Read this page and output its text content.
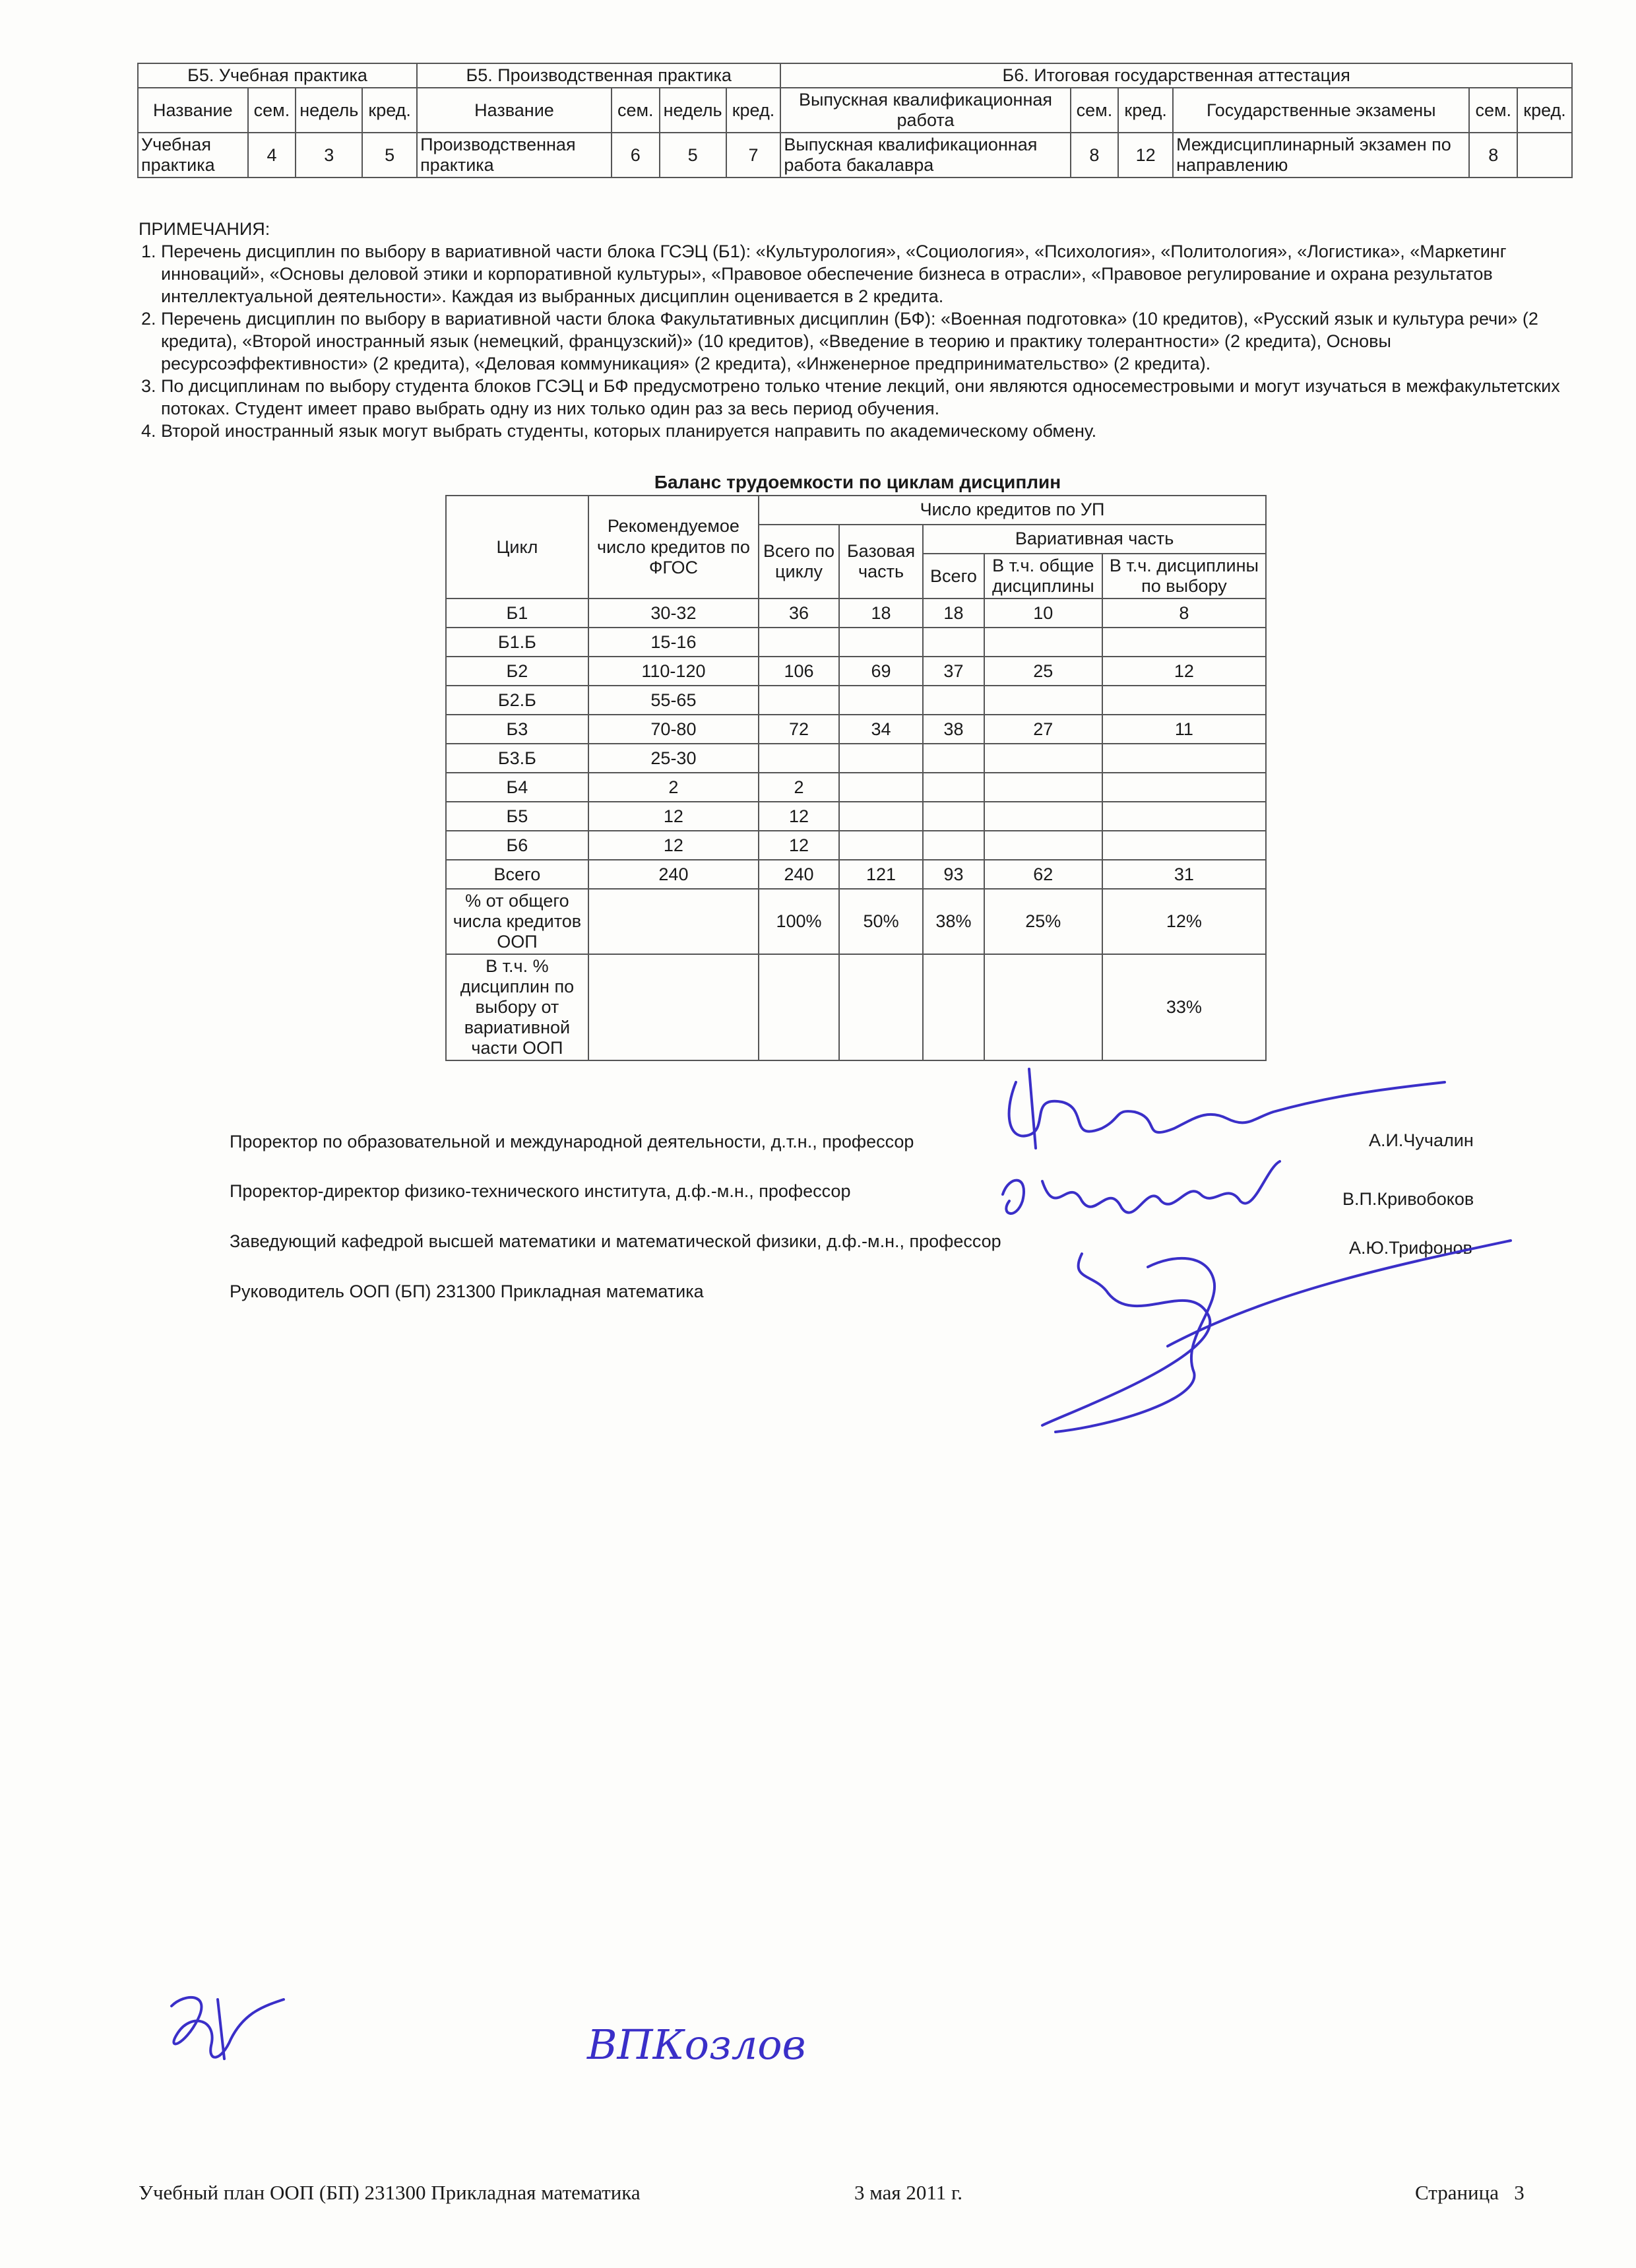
Б5. Учебная практика				Б5. Производственная практика				Б6. Итоговая государственная аттестация					
Название	сем.	недель	кред.	Название	сем.	недель	кред.	Выпускная квалификационная работа	сем.	кред.	Государственные экзамены	сем.	кред.
Учебная практика	4	3	5	Производственная практика	6	5	7	Выпускная квалификационная работа бакалавра	8	12	Междисциплинарный экзамен по направлению	8	
ПРИМЕЧАНИЯ:
1. Перечень дисциплин по выбору в вариативной части блока ГСЭЦ (Б1): «Культурология», «Социология», «Психология», «Политология», «Логистика», «Маркетинг инноваций», «Основы деловой этики и корпоративной культуры», «Правовое обеспечение бизнеса в отрасли», «Правовое регулирование и охрана результатов интеллектуальной деятельности». Каждая из выбранных дисциплин оценивается в 2 кредита.
2. Перечень дисциплин по выбору в вариативной части блока Факультативных дисциплин (БФ): «Военная подготовка» (10 кредитов), «Русский язык и культура речи» (2 кредита), «Второй иностранный язык (немецкий, французский)» (10 кредитов), «Введение в теорию и практику толерантности» (2 кредита), Основы ресурсоэффективности» (2 кредита), «Деловая коммуникация» (2 кредита), «Инженерное предпринимательство» (2 кредита).
3. По дисциплинам по выбору студента блоков ГСЭЦ и БФ предусмотрено только чтение лекций, они являются односеместровыми и могут изучаться в межфакультетских потоках. Студент имеет право выбрать одну из них только один раз за весь период обучения.
4. Второй иностранный язык могут выбрать студенты, которых планируется направить по академическому обмену.
Баланс трудоемкости по циклам дисциплин
Цикл	Рекомендуемое число кредитов по ФГОС	Число кредитов по УП				
		Всего по циклу	Базовая часть	Вариативная часть		
				Всего	В т.ч. общие дисциплины	В т.ч. дисциплины по выбору

Б1	30-32	36	18	18	10	8
Б1.Б	15-16					
Б2	110-120	106	69	37	25	12
Б2.Б	55-65					
Б3	70-80	72	34	38	27	11
Б3.Б	25-30					
Б4	2	2				
Б5	12	12				
Б6	12	12				
Всего	240	240	121	93	62	31
% от общего числа кредитов ООП		100%	50%	38%	25%	12%
В т.ч. % дисциплин по выбору от вариативной части ООП						33%
Проректор по образовательной и международной деятельности, д.т.н., профессор	А.И.Чучалин
Проректор-директор физико-технического института, д.ф.-м.н., профессор	В.П.Кривобоков
Заведующий кафедрой высшей математики и математической физики, д.ф.-м.н., профессор	А.Ю.Трифонов
Руководитель ООП (БП) 231300 Прикладная математика
ВПКозлов
Учебный план ООП (БП) 231300 Прикладная математика	3 мая 2011 г.	Страница 3
